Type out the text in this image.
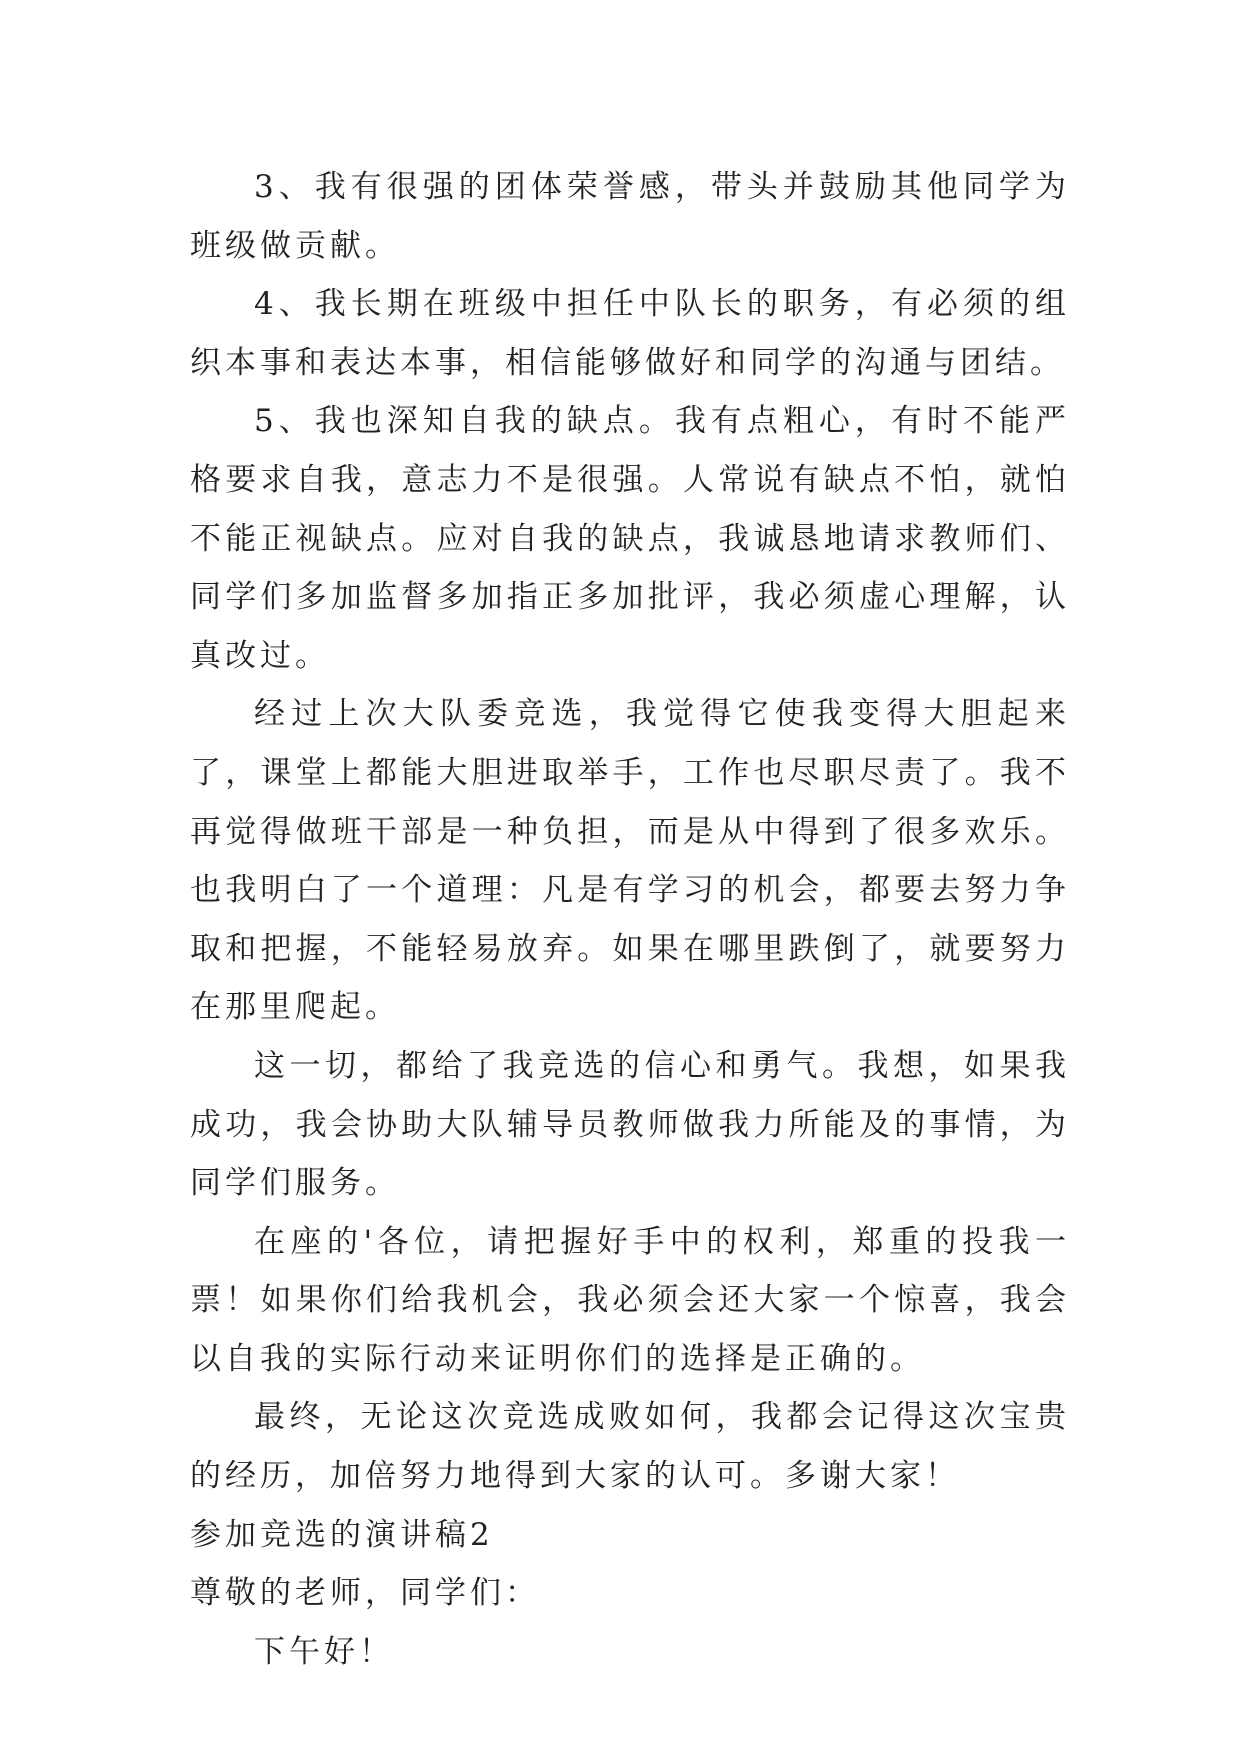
3、我有很强的团体荣誉感，带头并鼓励其他同学为班级做贡献。

4、我长期在班级中担任中队长的职务，有必须的组织本事和表达本事，相信能够做好和同学的沟通与团结。

5、我也深知自我的缺点。我有点粗心，有时不能严格要求自我，意志力不是很强。人常说有缺点不怕，就怕不能正视缺点。应对自我的缺点，我诚恳地请求教师们、同学们多加监督多加指正多加批评，我必须虚心理解，认真改过。

经过上次大队委竞选，我觉得它使我变得大胆起来了，课堂上都能大胆进取举手，工作也尽职尽责了。我不再觉得做班干部是一种负担，而是从中得到了很多欢乐。也我明白了一个道理：凡是有学习的机会，都要去努力争取和把握，不能轻易放弃。如果在哪里跌倒了，就要努力在那里爬起。

这一切，都给了我竞选的信心和勇气。我想，如果我成功，我会协助大队辅导员教师做我力所能及的事情，为同学们服务。

在座的'各位，请把握好手中的权利，郑重的投我一票！如果你们给我机会，我必须会还大家一个惊喜，我会以自我的实际行动来证明你们的选择是正确的。

最终，无论这次竞选成败如何，我都会记得这次宝贵的经历，加倍努力地得到大家的认可。多谢大家！

参加竞选的演讲稿2

尊敬的老师，同学们：

下午好！
